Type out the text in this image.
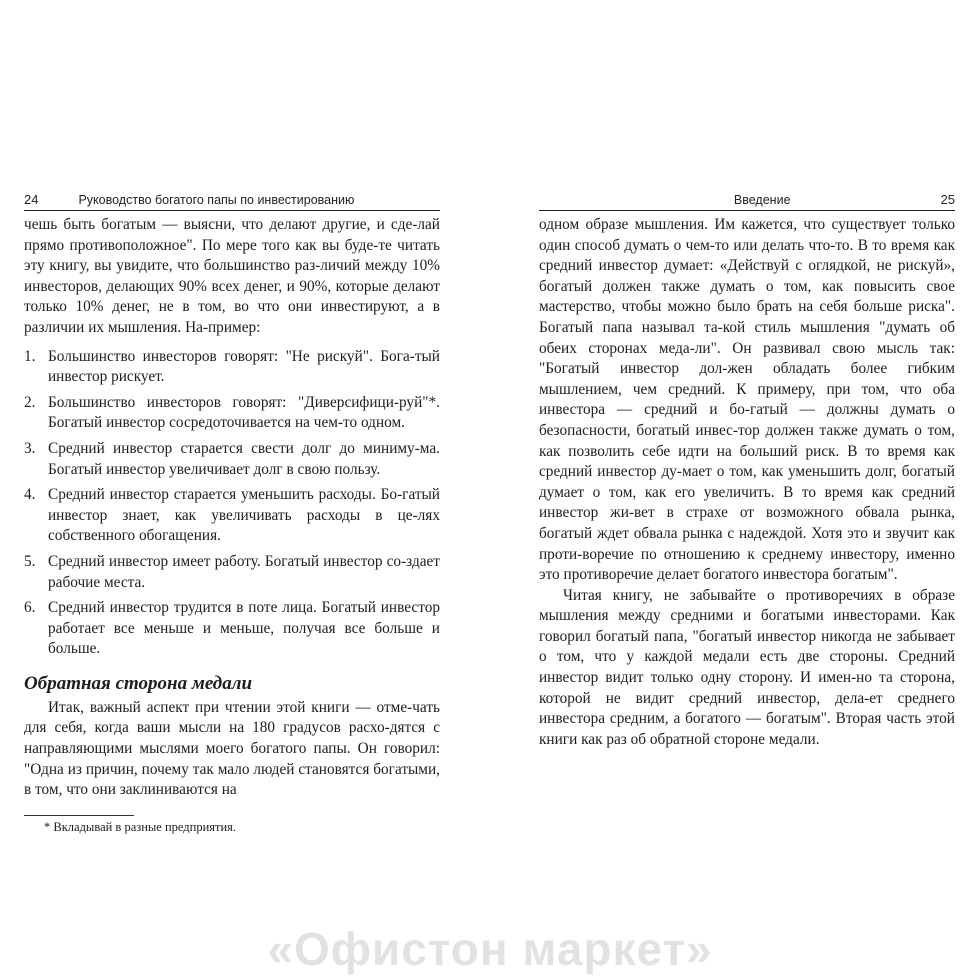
24	Руководство богатого папы по инвестированию

чешь быть богатым — выясни, что делают другие, и сде-лай прямо противоположное". По мере того как вы буде-те читать эту книгу, вы увидите, что большинство раз-личий между 10% инвесторов, делающих 90% всех денег, и 90%, которые делают только 10% денег, не в том, во что они инвестируют, а в различии их мышления. На-пример:

1. Большинство инвесторов говорят: "Не рискуй". Бога-тый инвестор рискует.
2. Большинство инвесторов говорят: "Диверсифици-руй"*. Богатый инвестор сосредоточивается на чем-то одном.
3. Средний инвестор старается свести долг до миниму-ма. Богатый инвестор увеличивает долг в свою пользу.
4. Средний инвестор старается уменьшить расходы. Бо-гатый инвестор знает, как увеличивать расходы в це-лях собственного обогащения.
5. Средний инвестор имеет работу. Богатый инвестор со-здает рабочие места.
6. Средний инвестор трудится в поте лица. Богатый инвестор работает все меньше и меньше, получая все больше и больше.
Обратная сторона медали

Итак, важный аспект при чтении этой книги — отме-чать для себя, когда ваши мысли на 180 градусов расхо-дятся с направляющими мыслями моего богатого папы. Он говорил: "Одна из причин, почему так мало людей становятся богатыми, в том, что они заклиниваются на

* Вкладывай в разные предприятия.
Введение	25

одном образе мышления. Им кажется, что существует только один способ думать о чем-то или делать что-то. В то время как средний инвестор думает: «Действуй с оглядкой, не рискуй», богатый должен также думать о том, как повысить свое мастерство, чтобы можно было брать на себя больше риска". Богатый папа называл та-кой стиль мышления "думать об обеих сторонах меда-ли". Он развивал свою мысль так: "Богатый инвестор дол-жен обладать более гибким мышлением, чем средний. К примеру, при том, что оба инвестора — средний и бо-гатый — должны думать о безопасности, богатый инвес-тор должен также думать о том, как позволить себе идти на больший риск. В то время как средний инвестор ду-мает о том, как уменьшить долг, богатый думает о том, как его увеличить. В то время как средний инвестор жи-вет в страхе от возможного обвала рынка, богатый ждет обвала рынка с надеждой. Хотя это и звучит как проти-воречие по отношению к среднему инвестору, именно это противоречие делает богатого инвестора богатым".

Читая книгу, не забывайте о противоречиях в образе мышления между средними и богатыми инвесторами. Как говорил богатый папа, "богатый инвестор никогда не забывает о том, что у каждой медали есть две стороны. Средний инвестор видит только одну сторону. И имен-но та сторона, которой не видит средний инвестор, дела-ет среднего инвестора средним, а богатого — богатым". Вторая часть этой книги как раз об обратной стороне медали.

«Офистон маркет»
